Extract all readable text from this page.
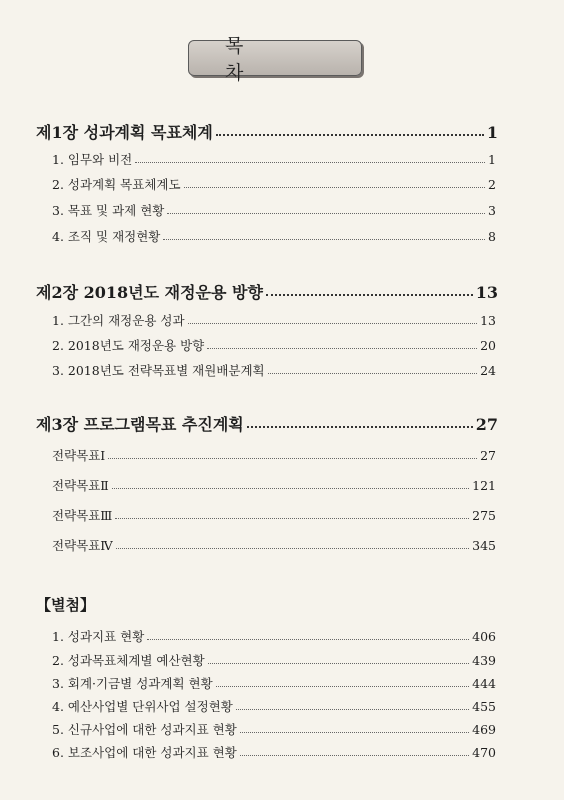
목 차
제1장 성과계획 목표체계	1
1. 임무와 비전	1
2. 성과계획 목표체계도	2
3. 목표 및 과제 현황	3
4. 조직 및 재정현황	8
제2장 2018년도 재정운용 방향	13
1. 그간의 재정운용 성과	13
2. 2018년도 재정운용 방향	20
3. 2018년도 전략목표별 재원배분계획	24
제3장 프로그램목표 추진계획	27
전략목표Ⅰ	27
전략목표Ⅱ	121
전략목표Ⅲ	275
전략목표Ⅳ	345
【별첨】
1. 성과지표 현황	406
2. 성과목표체계별 예산현황	439
3. 회계·기금별 성과계획 현황	444
4. 예산사업별 단위사업 설정현황	455
5. 신규사업에 대한 성과지표 현황	469
6. 보조사업에 대한 성과지표 현황	470
